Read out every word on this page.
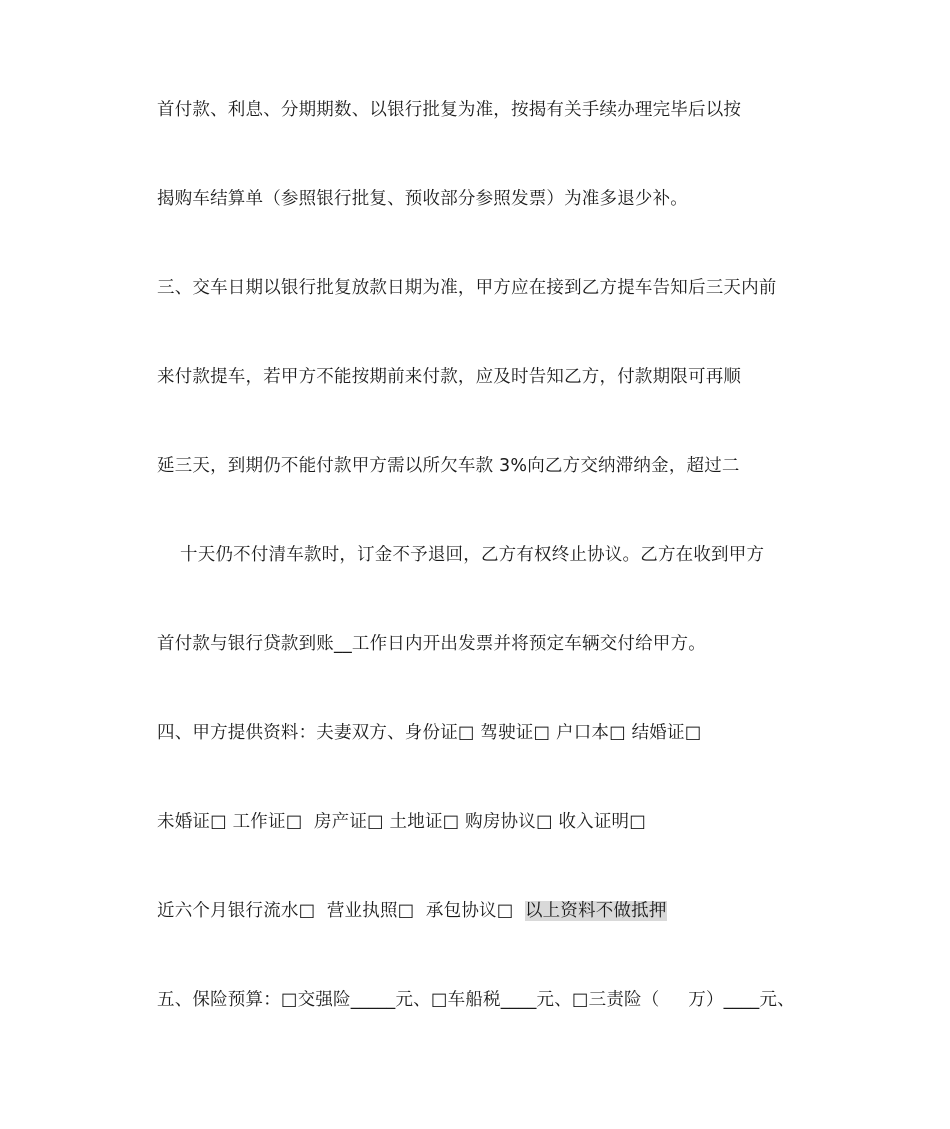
首付款、利息、分期期数、以银行批复为准，按揭有关手续办理完毕后以按
揭购车结算单（参照银行批复、预收部分参照发票）为准多退少补。
三、交车日期以银行批复放款日期为准，甲方应在接到乙方提车告知后三天内前
来付款提车，若甲方不能按期前来付款，应及时告知乙方，付款期限可再顺
延三天，到期仍不能付款甲方需以所欠车款 3%向乙方交纳滞纳金，超过二
十天仍不付清车款时，订金不予退回，乙方有权终止协议。乙方在收到甲方
首付款与银行贷款到账__工作日内开出发票并将预定车辆交付给甲方。
四、甲方提供资料：夫妻双方、身份证□ 驾驶证□ 户口本□ 结婚证□
未婚证□ 工作证□  房产证□ 土地证□ 购房协议□ 收入证明□
近六个月银行流水□  营业执照□  承包协议□  以上资料不做抵押
五、保险预算：□交强险_____元、□车船税____元、□三责险（     万）____元、
